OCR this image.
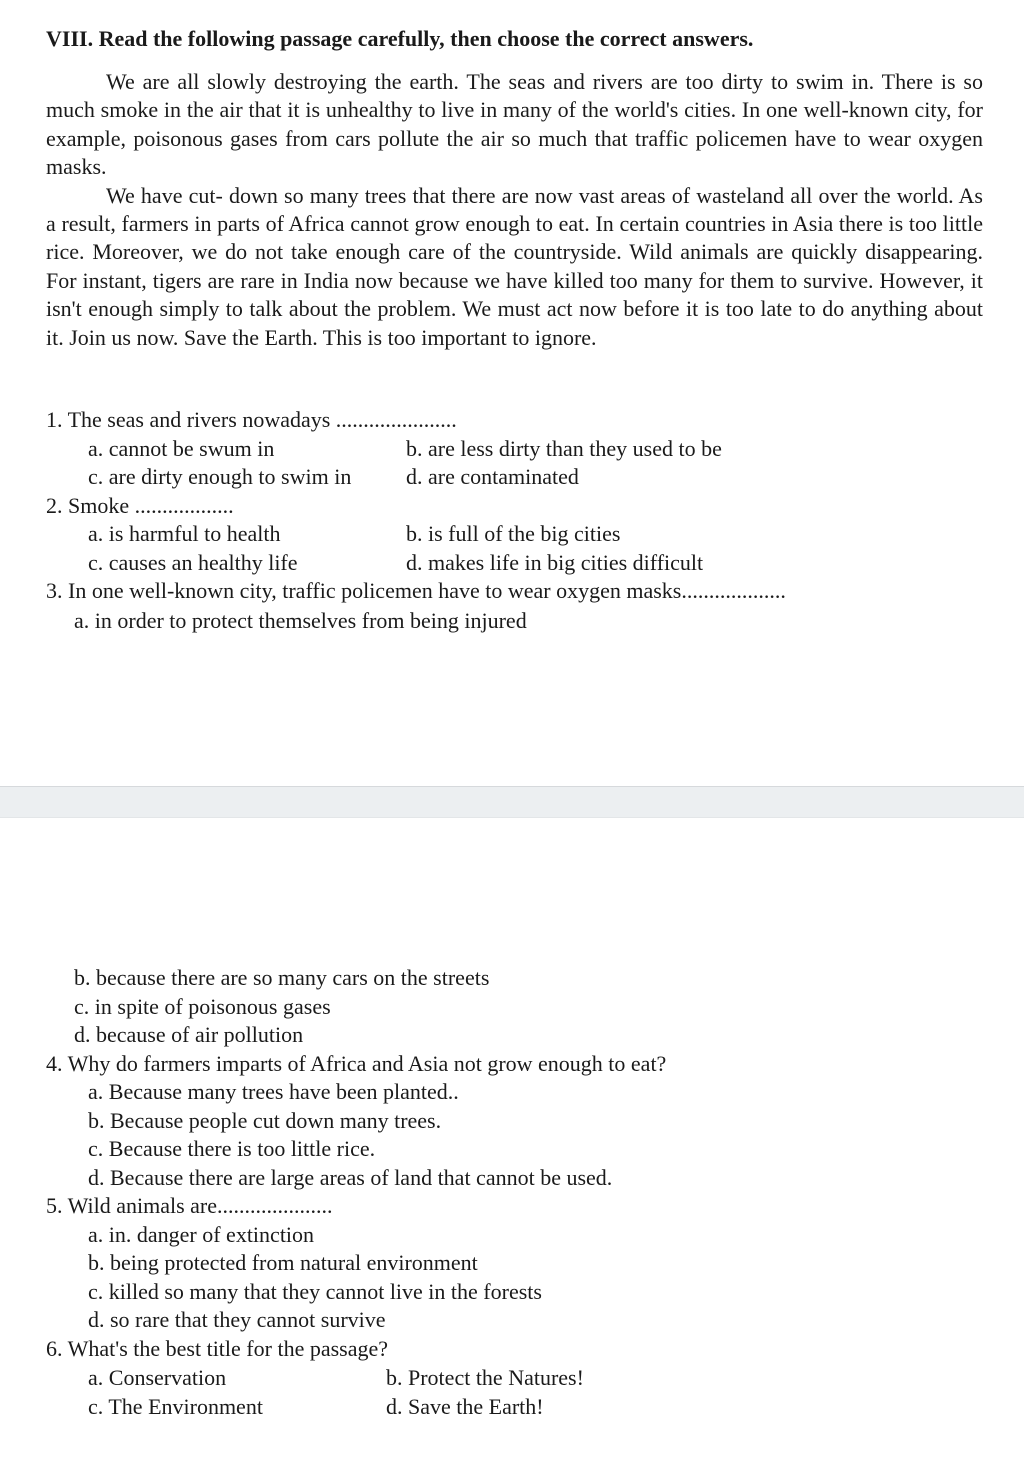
VIII. Read the following passage carefully, then choose the correct answers.

We are all slowly destroying the earth. The seas and rivers are too dirty to swim in. There is so much smoke in the air that it is unhealthy to live in many of the world's cities. In one well-known city, for example, poisonous gases from cars pollute the air so much that traffic policemen have to wear oxygen masks.

We have cut- down so many trees that there are now vast areas of wasteland all over the world. As a result, farmers in parts of Africa cannot grow enough to eat. In certain countries in Asia there is too little rice. Moreover, we do not take enough care of the countryside. Wild animals are quickly disappearing. For instant, tigers are rare in India now because we have killed too many for them to survive. However, it isn't enough simply to talk about the problem. We must act now before it is too late to do anything about it. Join us now. Save the Earth. This is too important to ignore.

1. The seas and rivers nowadays ......................
a. cannot be swum in	b. are less dirty than they used to be
c. are dirty enough to swim in d. are contaminated
2. Smoke ..................
a. is harmful to health	b. is full of the big cities
c. causes an healthy life	d. makes life in big cities difficult
3. In one well-known city, traffic policemen have to wear oxygen masks...................
a. in order to protect themselves from being injured
b. because there are so many cars on the streets
c. in spite of poisonous gases
d. because of air pollution
4. Why do farmers imparts of Africa and Asia not grow enough to eat?
a. Because many trees have been planted..
b. Because people cut down many trees.
c. Because there is too little rice.
d. Because there are large areas of land that cannot be used.
5. Wild animals are.....................
a. in. danger of extinction
b. being protected from natural environment
c. killed so many that they cannot live in the forests
d. so rare that they cannot survive
6. What's the best title for the passage?
a. Conservation	b. Protect the Natures!
c. The Environment	d. Save the Earth!
